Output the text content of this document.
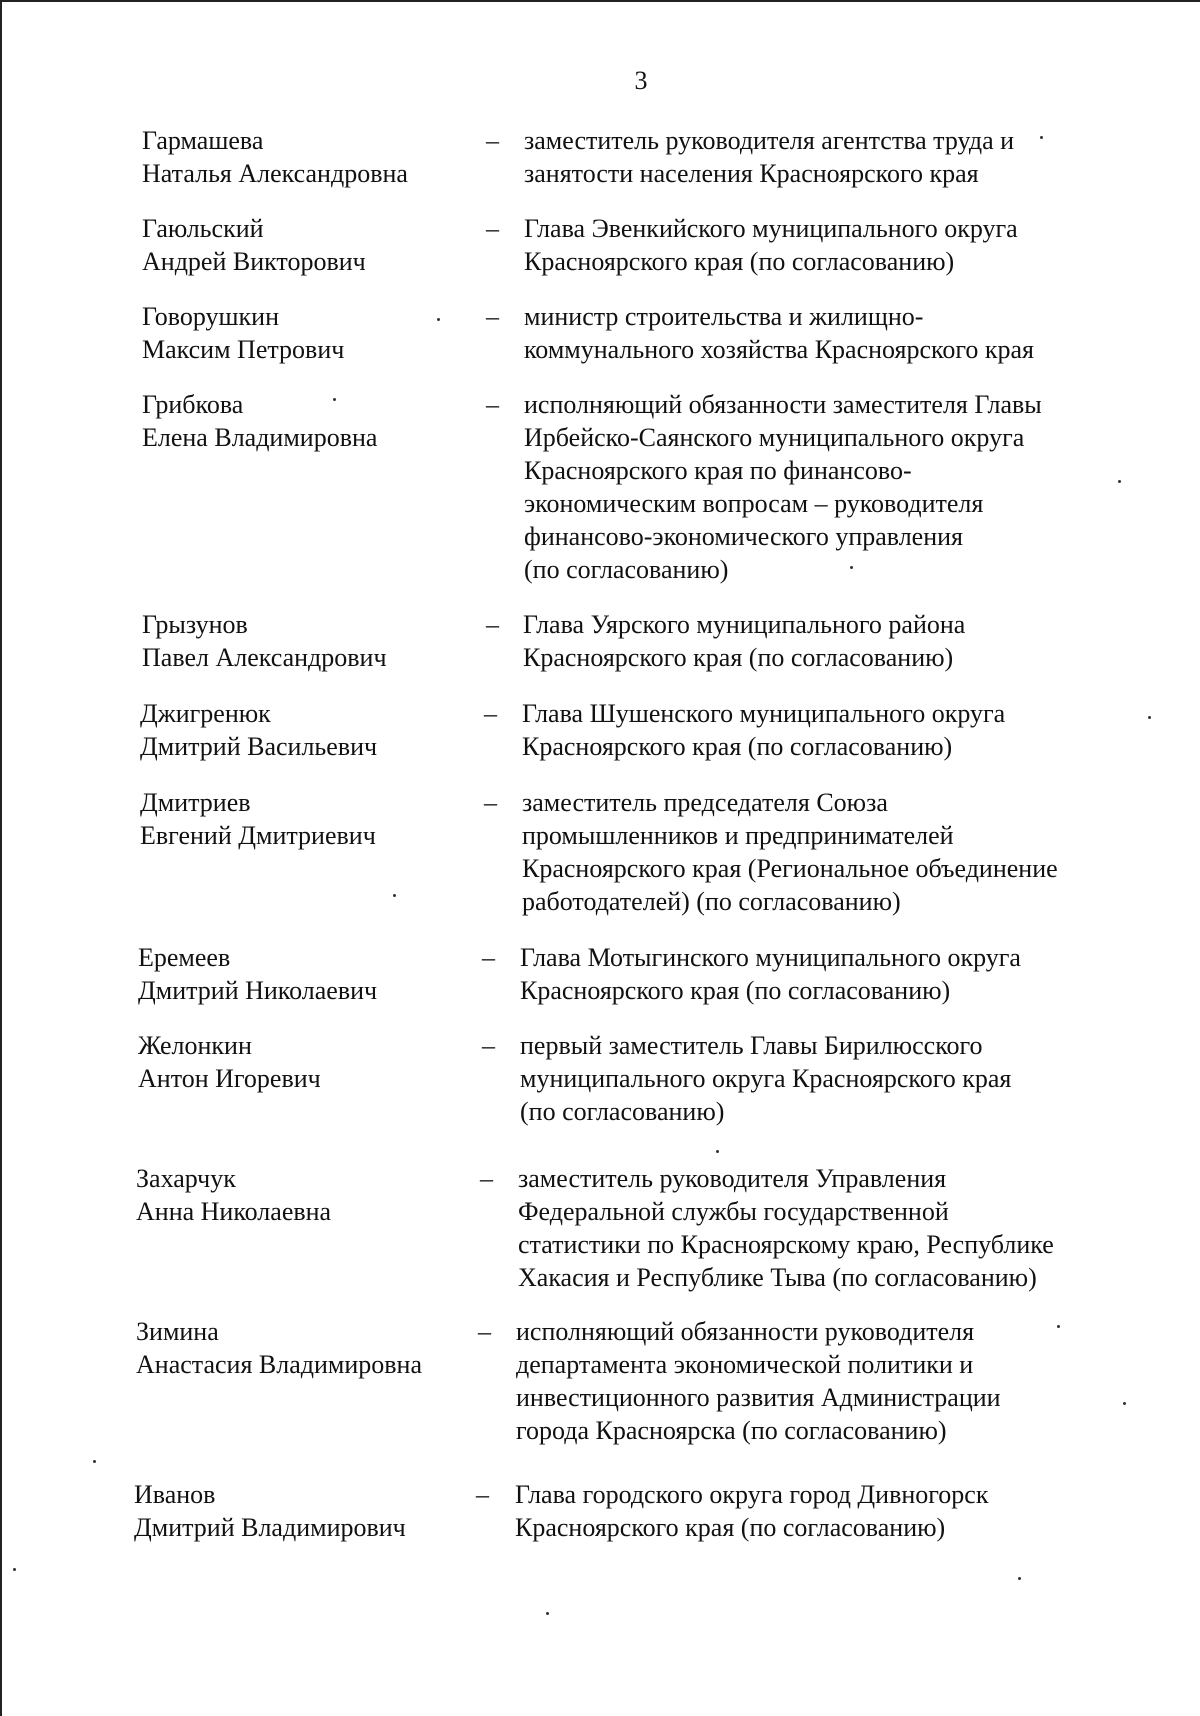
3
Гармашева
Наталья Александровна
– заместитель руководителя агентства труда и
занятости населения Красноярского края
Гаюльский
Андрей Викторович
– Глава Эвенкийского муниципального округа
Красноярского края (по согласованию)
Говорушкин
Максим Петрович
– министр строительства и жилищно-
коммунального хозяйства Красноярского края
Грибкова
Елена Владимировна
– исполняющий обязанности заместителя Главы
Ирбейско-Саянского муниципального округа
Красноярского края по финансово-
экономическим вопросам – руководителя
финансово-экономического управления
(по согласованию)
Грызунов
Павел Александрович
– Глава Уярского муниципального района
Красноярского края (по согласованию)
Джигренюк
Дмитрий Васильевич
– Глава Шушенского муниципального округа
Красноярского края (по согласованию)
Дмитриев
Евгений Дмитриевич
– заместитель председателя Союза
промышленников и предпринимателей
Красноярского края (Региональное объединение
работодателей) (по согласованию)
Еремеев
Дмитрий Николаевич
– Глава Мотыгинского муниципального округа
Красноярского края (по согласованию)
Желонкин
Антон Игоревич
– первый заместитель Главы Бирилюсского
муниципального округа Красноярского края
(по согласованию)
Захарчук
Анна Николаевна
– заместитель руководителя Управления
Федеральной службы государственной
статистики по Красноярскому краю, Республике
Хакасия и Республике Тыва (по согласованию)
Зимина
Анастасия Владимировна
– исполняющий обязанности руководителя
департамента экономической политики и
инвестиционного развития Администрации
города Красноярска (по согласованию)
Иванов
Дмитрий Владимирович
– Глава городского округа город Дивногорск
Красноярского края (по согласованию)
